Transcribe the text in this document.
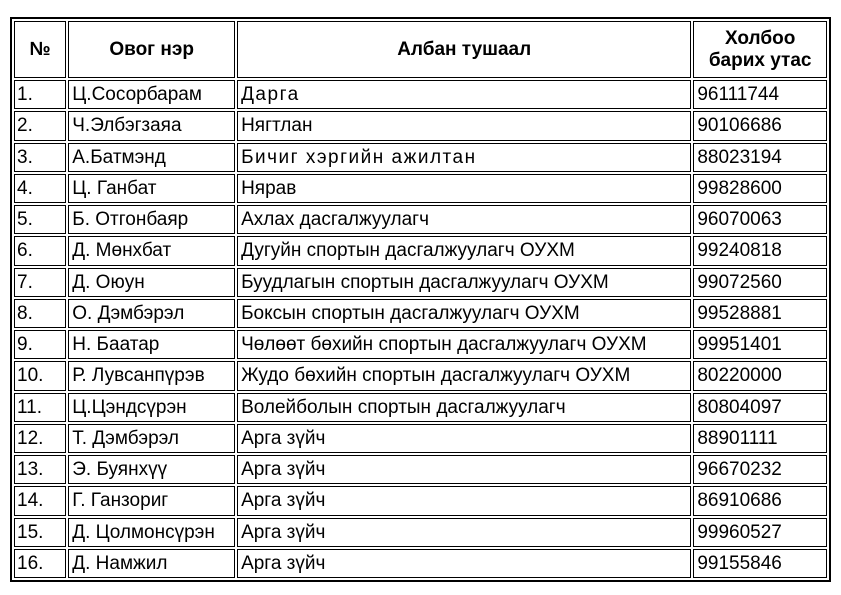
№	Овог нэр	Албан тушаал	Холбоо
барих утас
1.	Ц.Сосорбарам	Дарга	96111744
2.	Ч.Элбэгзаяа	Нягтлан	90106686
3.	А.Батмэнд	Бичиг хэргийн ажилтан	88023194
4.	Ц. Ганбат	Нярав	99828600
5.	Б. Отгонбаяр	Ахлах дасгалжуулагч	96070063
6.	Д. Мөнхбат	Дугуйн спортын дасгалжуулагч ОУХМ	99240818
7.	Д. Оюун	Буудлагын спортын дасгалжуулагч ОУХМ	99072560
8.	О. Дэмбэрэл	Боксын спортын дасгалжуулагч ОУХМ	99528881
9.	Н. Баатар	Чөлөөт бөхийн спортын дасгалжуулагч ОУХМ	99951401
10.	Р. Лувсанпүрэв	Жудо бөхийн спортын дасгалжуулагч ОУХМ	80220000
11.	Ц.Цэндсүрэн	Волейболын спортын дасгалжуулагч	80804097
12.	Т. Дэмбэрэл	Арга зүйч	88901111
13.	Э. Буянхүү	Арга зүйч	96670232
14.	Г. Ганзориг	Арга зүйч	86910686
15.	Д. Цолмонсүрэн	Арга зүйч	99960527
16.	Д. Намжил	Арга зүйч	99155846
